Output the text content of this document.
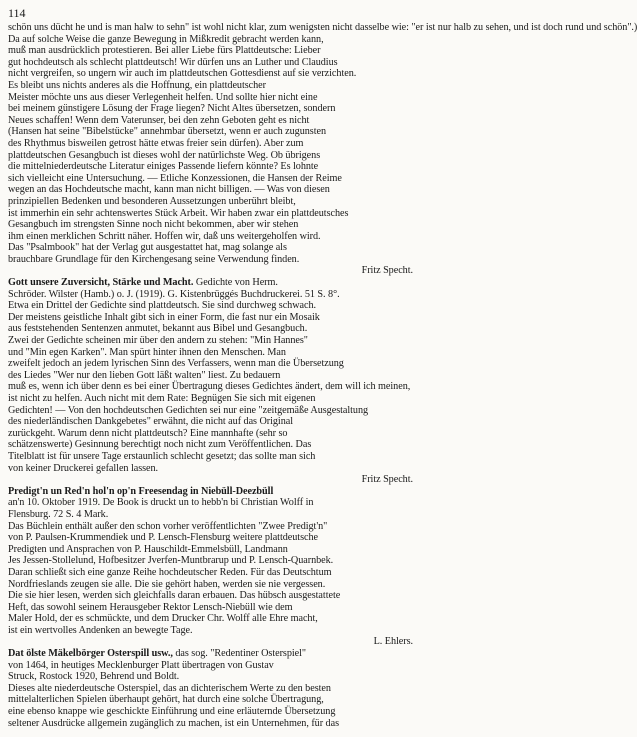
114
schön uns dücht he und is man halw to sehn" ist wohl nicht klar, zum wenigsten nicht dasselbe wie: "er ist nur halb zu sehen, und ist doch rund und schön".)
Da auf solche Weise die ganze Bewegung in Mißkredit gebracht werden kann,
muß man ausdrücklich protestieren. Bei aller Liebe fürs Plattdeutsche: Lieber
gut hochdeutsch als schlecht plattdeutsch! Wir dürfen uns an Luther und Claudius
nicht vergreifen, so ungern wir auch im plattdeutschen Gottesdienst auf sie verzichten.
Es bleibt uns nichts anderes als die Hoffnung, ein plattdeutscher
Meister möchte uns aus dieser Verlegenheit helfen. Und sollte hier nicht eine
bei meinem günstigere Lösung der Frage liegen? Nicht Altes übersetzen, sondern
Neues schaffen! Wenn dem Vaterunser, bei den zehn Geboten geht es nicht
(Hansen hat seine "Bibelstücke" annehmbar übersetzt, wenn er auch zugunsten
des Rhythmus bisweilen getrost hätte etwas freier sein dürfen). Aber zum
plattdeutschen Gesangbuch ist dieses wohl der natürlichste Weg. Ob übrigens
die mittelniederdeutsche Literatur einiges Passende liefern könnte? Es lohnte
sich vielleicht eine Untersuchung. — Etliche Konzessionen, die Hansen der Reime
wegen an das Hochdeutsche macht, kann man nicht billigen. — Was von diesen
prinzipiellen Bedenken und besonderen Aussetzungen unberührt bleibt,
ist immerhin ein sehr achtenswertes Stück Arbeit. Wir haben zwar ein plattdeutsches
Gesangbuch im strengsten Sinne noch nicht bekommen, aber wir stehen
ihm einen merklichen Schritt näher. Hoffen wir, daß uns weitergeholfen wird.
Das "Psalmbook" hat der Verlag gut ausgestattet hat, mag solange als
brauchbare Grundlage für den Kirchengesang seine Verwendung finden.
Fritz Specht.
Gott unsere Zuversicht, Stärke und Macht. Gedichte von Herm.
Schröder. Wilster (Hamb.) o. J. (1919). G. Kistenbrüggés Buchdruckerei. 51 S. 8°.
Etwa ein Drittel der Gedichte sind plattdeutsch. Sie sind durchweg schwach.
Der meistens geistliche Inhalt gibt sich in einer Form, die fast nur ein Mosaik
aus feststehenden Sentenzen anmutet, bekannt aus Bibel und Gesangbuch.
Zwei der Gedichte scheinen mir über den andern zu stehen: "Min Hannes"
und "Min egen Karken". Man spürt hinter ihnen den Menschen. Man
zweifelt jedoch an jedem lyrischen Sinn des Verfassers, wenn man die Übersetzung
des Liedes "Wer nur den lieben Gott läßt walten" liest. Zu bedauern
muß es, wenn ich über denn es bei einer Übertragung dieses Gedichtes ändert, dem will ich meinen,
ist nicht zu helfen. Auch nicht mit dem Rate: Begnügen Sie sich mit eigenen
Gedichten! — Von den hochdeutschen Gedichten sei nur eine "zeitgemäße Ausgestaltung
des niederländischen Dankgebetes" erwähnt, die nicht auf das Original
zurückgeht. Warum denn nicht plattdeutsch? Eine mannhafte (sehr so
schätzenswerte) Gesinnung berechtigt noch nicht zum Veröffentlichen. Das
Titelblatt ist für unsere Tage erstaunlich schlecht gesetzt; das sollte man sich
von keiner Druckerei gefallen lassen.
Fritz Specht.
Predigt'n un Red'n hol'n op'n Freesendag in Niebüll-Deezbüll
an'n 10. Oktober 1919. De Book is druckt un to hebb'n bi Christian Wolff in
Flensburg. 72 S. 4 Mark.
Das Büchlein enthält außer den schon vorher veröffentlichten "Zwee Predigt'n"
von P. Paulsen-Krummendiek und P. Lensch-Flensburg weitere plattdeutsche
Predigten und Ansprachen von P. Hauschildt-Emmelsbüll, Landmann
Jes Jessen-Stollelund, Hofbesitzer Jverfen-Muntbrarup und P. Lensch-Quarnbek.
Daran schließt sich eine ganze Reihe hochdeutscher Reden. Für das Deutschtum
Nordfrieslands zeugen sie alle. Die sie gehört haben, werden sie nie vergessen.
Die sie hier lesen, werden sich gleichfalls daran erbauen. Das hübsch ausgestattete
Heft, das sowohl seinem Herausgeber Rektor Lensch-Niebüll wie dem
Maler Hold, der es schmückte, und dem Drucker Chr. Wolff alle Ehre macht,
ist ein wertvolles Andenken an bewegte Tage.
L. Ehlers.
Dat ölste Mäkelbörger Osterspill usw., das sog. "Redentiner Osterspiel"
von 1464, in heutiges Mecklenburger Platt übertragen von Gustav
Struck, Rostock 1920, Behrend und Boldt.
Dieses alte niederdeutsche Osterspiel, das an dichterischem Werte zu den besten
mittelalterlichen Spielen überhaupt gehört, hat durch eine solche Übertragung,
eine ebenso knappe wie geschickte Einführung und eine erläuternde Übersetzung
seltener Ausdrücke allgemein zugänglich zu machen, ist ein Unternehmen, für das
